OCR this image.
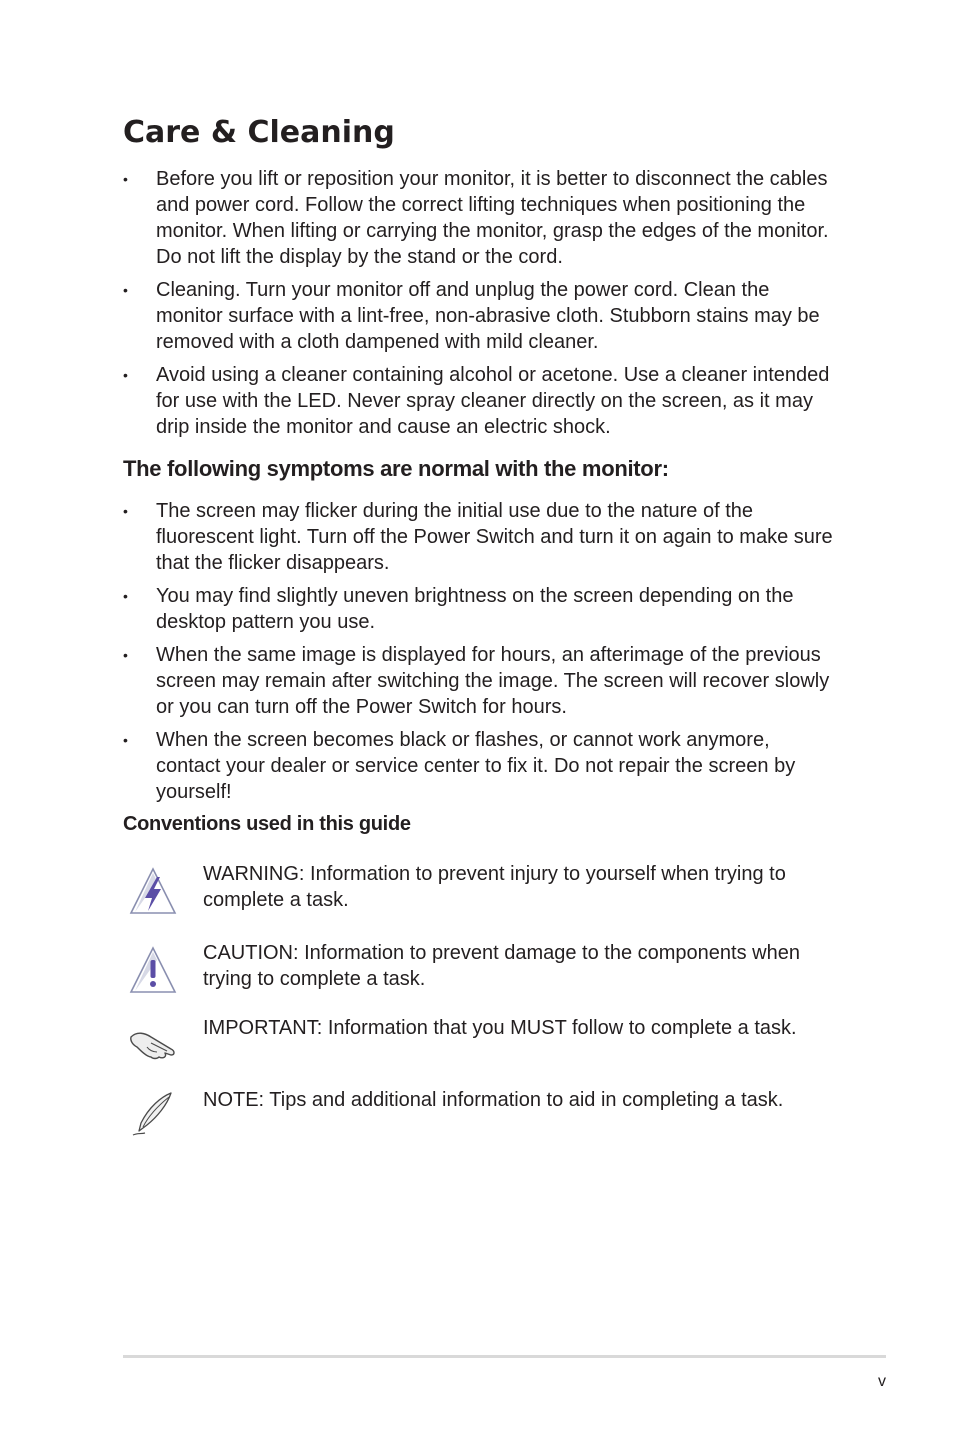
Care & Cleaning
• Before you lift or reposition your monitor, it is better to disconnect the cables and power cord. Follow the correct lifting techniques when positioning the monitor. When lifting or carrying the monitor, grasp the edges of the monitor. Do not lift the display by the stand or the cord.
• Cleaning. Turn your monitor off and unplug the power cord. Clean the monitor surface with a lint-free, non-abrasive cloth. Stubborn stains may be removed with a cloth dampened with mild cleaner.
• Avoid using a cleaner containing alcohol or acetone. Use a cleaner intended for use with the LED. Never spray cleaner directly on the screen, as it may drip inside the monitor and cause an electric shock.
The following symptoms are normal with the monitor:
• The screen may flicker during the initial use due to the nature of the fluorescent light. Turn off the Power Switch and turn it on again to make sure that the flicker disappears.
• You may find slightly uneven brightness on the screen depending on the desktop pattern you use.
• When the same image is displayed for hours, an afterimage of the previous screen may remain after switching the image. The screen will recover slowly or you can turn off the Power Switch for hours.
• When the screen becomes black or flashes, or cannot work anymore, contact your dealer or service center to fix it. Do not repair the screen by yourself!
Conventions used in this guide
WARNING: Information to prevent injury to yourself when trying to complete a task.
CAUTION: Information to prevent damage to the components when trying to complete a task.
IMPORTANT: Information that you MUST follow to complete a task.
NOTE: Tips and additional information to aid in completing a task.
v
